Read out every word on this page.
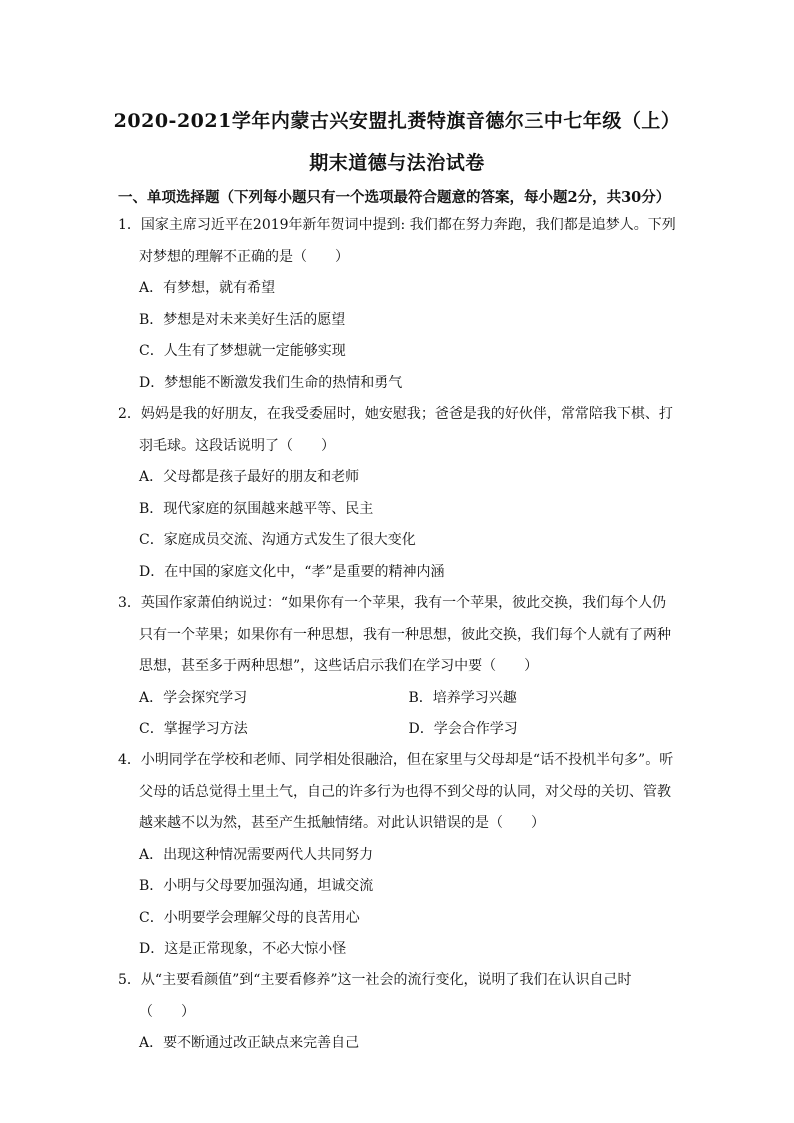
2020-2021学年内蒙古兴安盟扎赉特旗音德尔三中七年级（上）
期末道德与法治试卷
一、单项选择题（下列每小题只有一个选项最符合题意的答案，每小题2分，共30分）
1．国家主席习近平在2019年新年贺词中提到: 我们都在努力奔跑，我们都是追梦人。下列对梦想的理解不正确的是（　　）
A．有梦想，就有希望
B．梦想是对未来美好生活的愿望
C．人生有了梦想就一定能够实现
D．梦想能不断激发我们生命的热情和勇气
2．妈妈是我的好朋友，在我受委屈时，她安慰我；爸爸是我的好伙伴，常常陪我下棋、打羽毛球。这段话说明了（　　）
A．父母都是孩子最好的朋友和老师
B．现代家庭的氛围越来越平等、民主
C．家庭成员交流、沟通方式发生了很大变化
D．在中国的家庭文化中，“孝”是重要的精神内涵
3．英国作家萧伯纳说过：“如果你有一个苹果，我有一个苹果，彼此交换，我们每个人仍只有一个苹果；如果你有一种思想，我有一种思想，彼此交换，我们每个人就有了两种思想，甚至多于两种思想”，这些话启示我们在学习中要（　　）
A．学会探究学习	B．培养学习兴趣
C．掌握学习方法	D．学会合作学习
4．小明同学在学校和老师、同学相处很融洽，但在家里与父母却是“话不投机半句多”。听父母的话总觉得土里土气，自己的许多行为也得不到父母的认同，对父母的关切、管教越来越不以为然，甚至产生抵触情绪。对此认识错误的是（　　）
A．出现这种情况需要两代人共同努力
B．小明与父母要加强沟通，坦诚交流
C．小明要学会理解父母的良苦用心
D．这是正常现象，不必大惊小怪
5．从“主要看颜值”到“主要看修养”这一社会的流行变化，说明了我们在认识自己时（　　）
A．要不断通过改正缺点来完善自己
